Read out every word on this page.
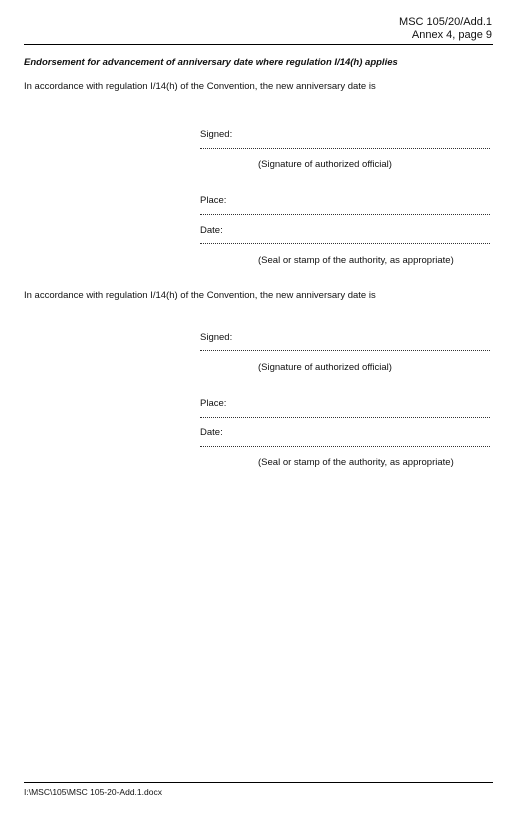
MSC 105/20/Add.1
Annex 4, page 9
Endorsement for advancement of anniversary date where regulation I/14(h) applies
In accordance with regulation I/14(h) of the Convention, the new anniversary date is
Signed:
(Signature of authorized official)
Place:
Date:
(Seal or stamp of the authority, as appropriate)
In accordance with regulation I/14(h) of the Convention, the new anniversary date is
Signed:
(Signature of authorized official)
Place:
Date:
(Seal or stamp of the authority, as appropriate)
I:\MSC\105\MSC 105-20-Add.1.docx
